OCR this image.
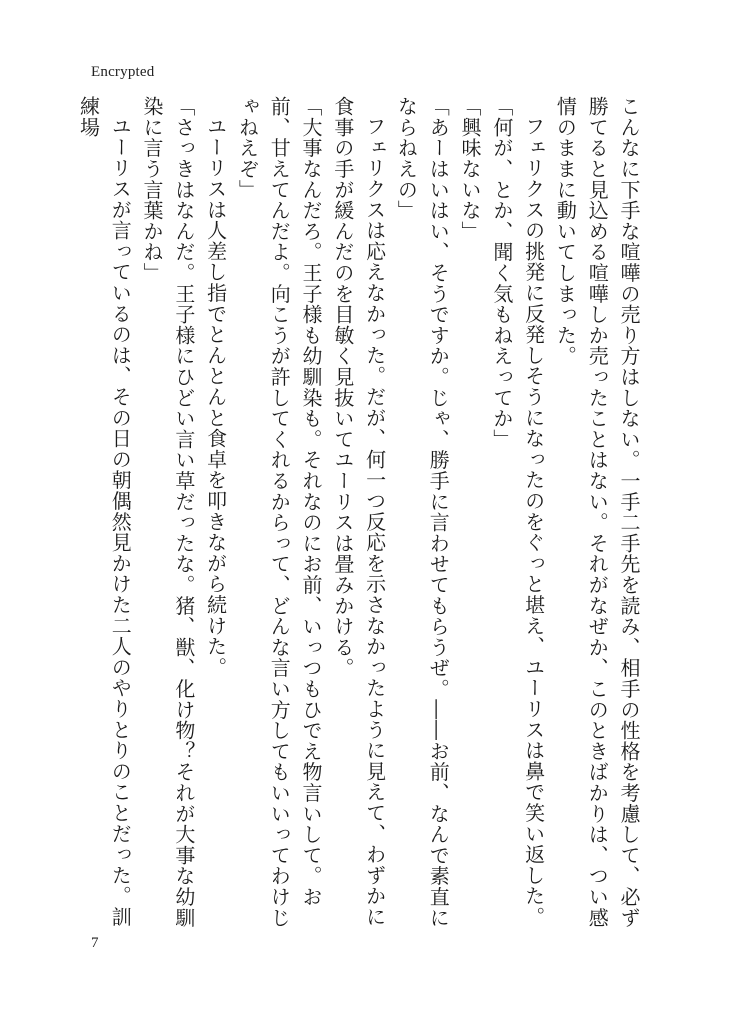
Encrypted

こんなに下手な喧嘩の売り方はしない。一手二手先を読み、相手の性格を考慮して、必ず勝てると見込める喧嘩しか売ったことはない。それがなぜか、このときばかりは、つい感情のままに動いてしまった。

フェリクスの挑発に反発しそうになったのをぐっと堪え、ユーリスは鼻で笑い返した。

「何が、とか、聞く気もねえってか」

「興味ないな」

「あーはいはい、そうですか。じゃ、勝手に言わせてもらうぜ。――お前、なんで素直にならねえの」

フェリクスは応えなかった。だが、何一つ反応を示さなかったように見えて、わずかに食事の手が緩んだのを目敏く見抜いてユーリスは畳みかける。

「大事なんだろ。王子様も幼馴染も。それなのにお前、いっつもひでえ物言いして。お前、甘えてんだよ。向こうが許してくれるからって、どんな言い方してもいいってわけじゃねえぞ」

ユーリスは人差し指でとんとんと食卓を叩きながら続けた。

「さっきはなんだ。王子様にひどい言い草だったな。猪、獣、化け物？それが大事な幼馴染に言う言葉かね」

ユーリスが言っているのは、その日の朝偶然見かけた二人のやりとりのことだった。訓練場

7
